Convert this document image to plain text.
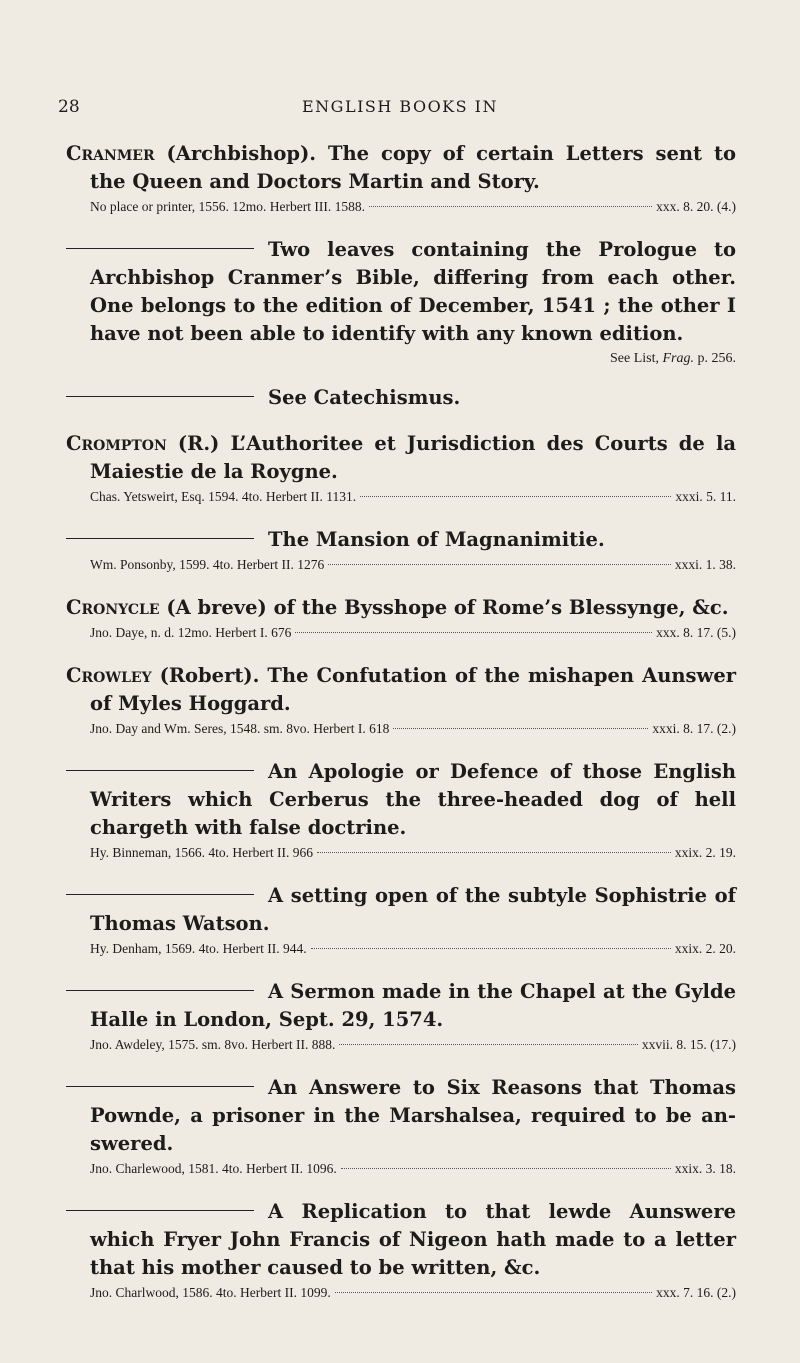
28	ENGLISH BOOKS IN
Cranmer (Archbishop). The copy of certain Letters sent to the Queen and Doctors Martin and Story.
No place or printer, 1556. 12mo. Herbert III. 1588.	xxx. 8. 20. (4.)
Two leaves containing the Prologue to Archbishop Cranmer’s Bible, differing from each other. One belongs to the edition of December, 1541 ; the other I have not been able to identify with any known edition.
See List, Frag. p. 256.
See Catechismus.
Crompton (R.) L’Authoritee et Jurisdiction des Courts de la Maiestie de la Roygne.
Chas. Yetsweirt, Esq. 1594. 4to. Herbert II. 1131.	xxxi. 5. 11.
The Mansion of Magnanimitie.
Wm. Ponsonby, 1599. 4to. Herbert II. 1276	xxxi. 1. 38.
Cronycle (A breve) of the Bysshope of Rome’s Blessynge, &c.
Jno. Daye, n. d. 12mo. Herbert I. 676	xxx. 8. 17. (5.)
Crowley (Robert). The Confutation of the mishapen Aunswer of Myles Hoggard.
Jno. Day and Wm. Seres, 1548. sm. 8vo. Herbert I. 618	xxxi. 8. 17. (2.)
An Apologie or Defence of those English Writers which Cerberus the three-headed dog of hell chargeth with false doctrine.
Hy. Binneman, 1566. 4to. Herbert II. 966	xxix. 2. 19.
A setting open of the subtyle Sophistrie of Thomas Watson.
Hy. Denham, 1569. 4to. Herbert II. 944.	xxix. 2. 20.
A Sermon made in the Chapel at the Gylde Halle in London, Sept. 29, 1574.
Jno. Awdeley, 1575. sm. 8vo. Herbert II. 888.	xxvii. 8. 15. (17.)
An Answere to Six Reasons that Thomas Pownde, a prisoner in the Marshalsea, required to be an- swered.
Jno. Charlewood, 1581. 4to. Herbert II. 1096.	xxix. 3. 18.
A Replication to that lewde Aunswere which Fryer John Francis of Nigeon hath made to a letter that his mother caused to be written, &c.
Jno. Charlwood, 1586. 4to. Herbert II. 1099.	xxx. 7. 16. (2.)
